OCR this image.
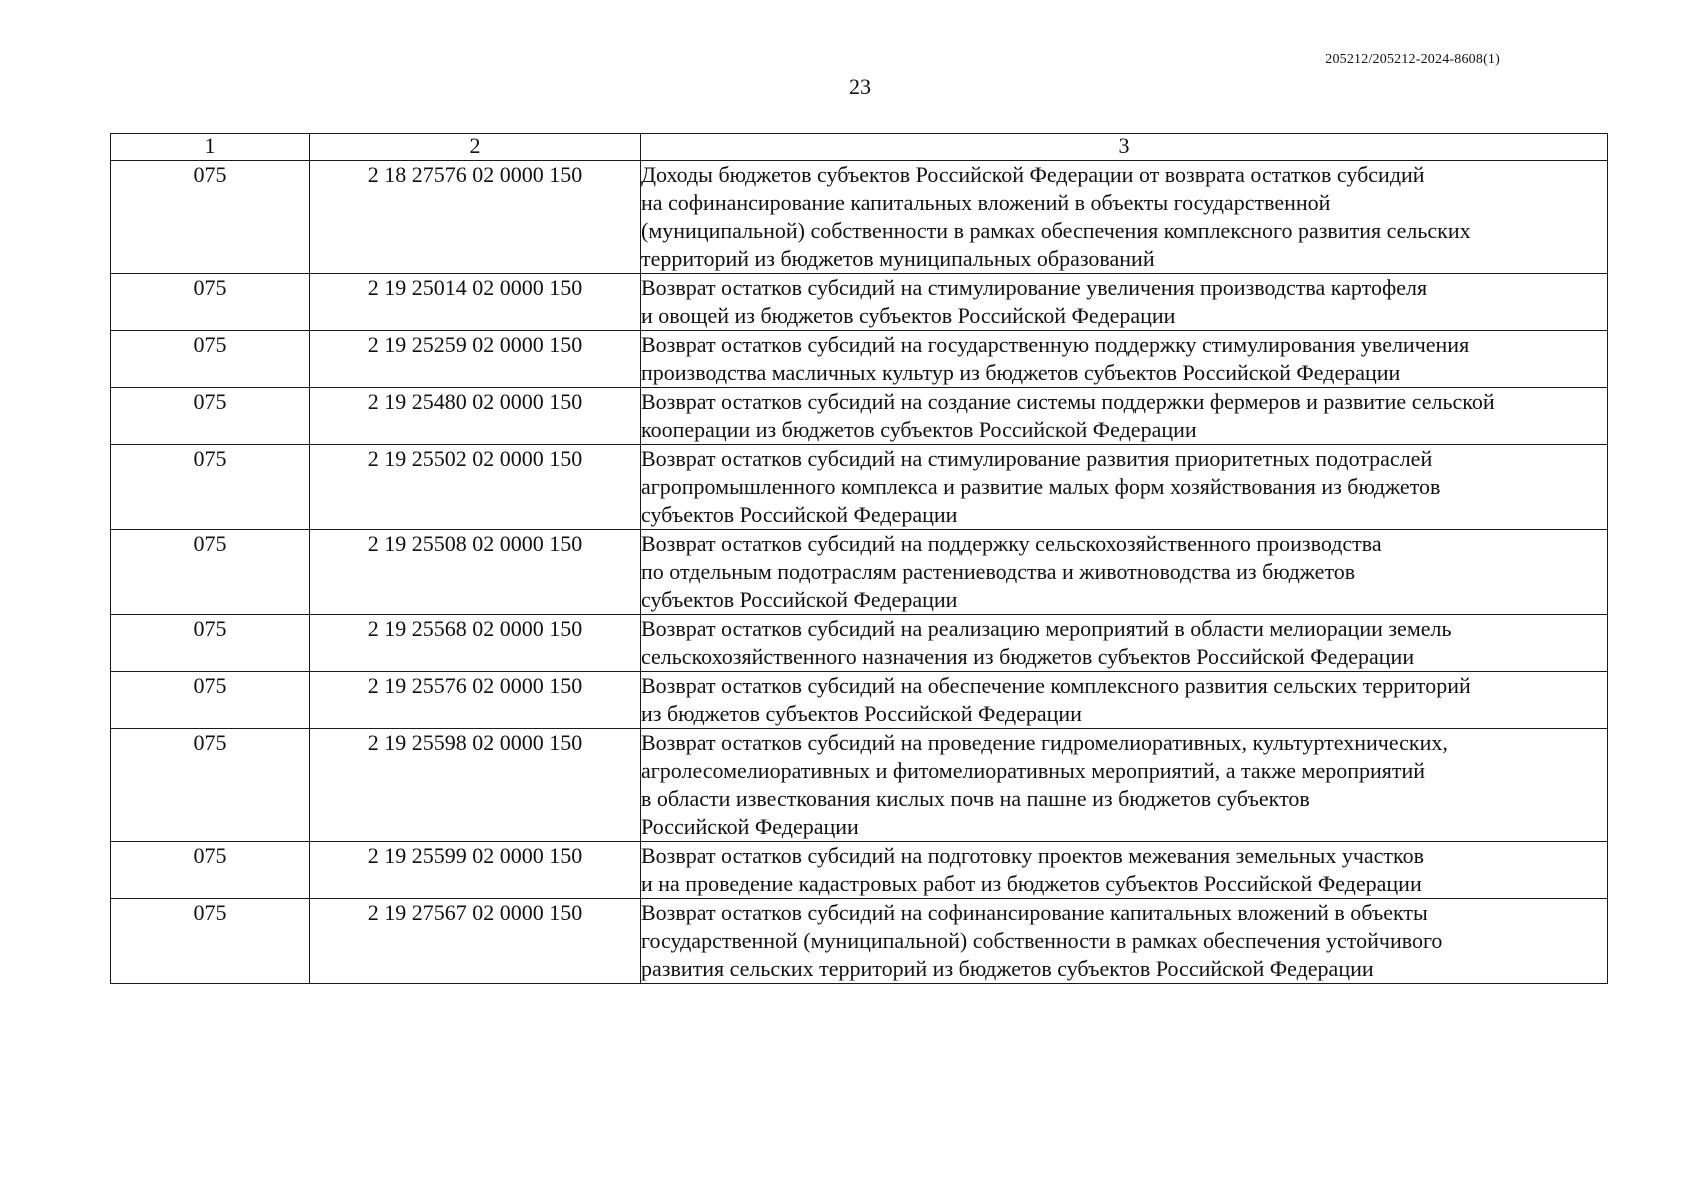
205212/205212-2024-8608(1)
23
1	2	3
075	2 18 27576 02 0000 150	Доходы бюджетов субъектов Российской Федерации от возврата остатков субсидий
на софинансирование капитальных вложений в объекты государственной
(муниципальной) собственности в рамках обеспечения комплексного развития сельских
территорий из бюджетов муниципальных образований

075	2 19 25014 02 0000 150	Возврат остатков субсидий на стимулирование увеличения производства картофеля
и овощей из бюджетов субъектов Российской Федерации

075	2 19 25259 02 0000 150	Возврат остатков субсидий на государственную поддержку стимулирования увеличения
производства масличных культур из бюджетов субъектов Российской Федерации

075	2 19 25480 02 0000 150	Возврат остатков субсидий на создание системы поддержки фермеров и развитие сельской
кооперации из бюджетов субъектов Российской Федерации

075	2 19 25502 02 0000 150	Возврат остатков субсидий на стимулирование развития приоритетных подотраслей
агропромышленного комплекса и развитие малых форм хозяйствования из бюджетов
субъектов Российской Федерации

075	2 19 25508 02 0000 150	Возврат остатков субсидий на поддержку сельскохозяйственного производства
по отдельным подотраслям растениеводства и животноводства из бюджетов
субъектов Российской Федерации

075	2 19 25568 02 0000 150	Возврат остатков субсидий на реализацию мероприятий в области мелиорации земель
сельскохозяйственного назначения из бюджетов субъектов Российской Федерации

075	2 19 25576 02 0000 150	Возврат остатков субсидий на обеспечение комплексного развития сельских территорий
из бюджетов субъектов Российской Федерации

075	2 19 25598 02 0000 150	Возврат остатков субсидий на проведение гидромелиоративных, культуртехнических,
агролесомелиоративных и фитомелиоративных мероприятий, а также мероприятий
в области известкования кислых почв на пашне из бюджетов субъектов
Российской Федерации

075	2 19 25599 02 0000 150	Возврат остатков субсидий на подготовку проектов межевания земельных участков
и на проведение кадастровых работ из бюджетов субъектов Российской Федерации

075	2 19 27567 02 0000 150	Возврат остатков субсидий на софинансирование капитальных вложений в объекты
государственной (муниципальной) собственности в рамках обеспечения устойчивого
развития сельских территорий из бюджетов субъектов Российской Федерации
